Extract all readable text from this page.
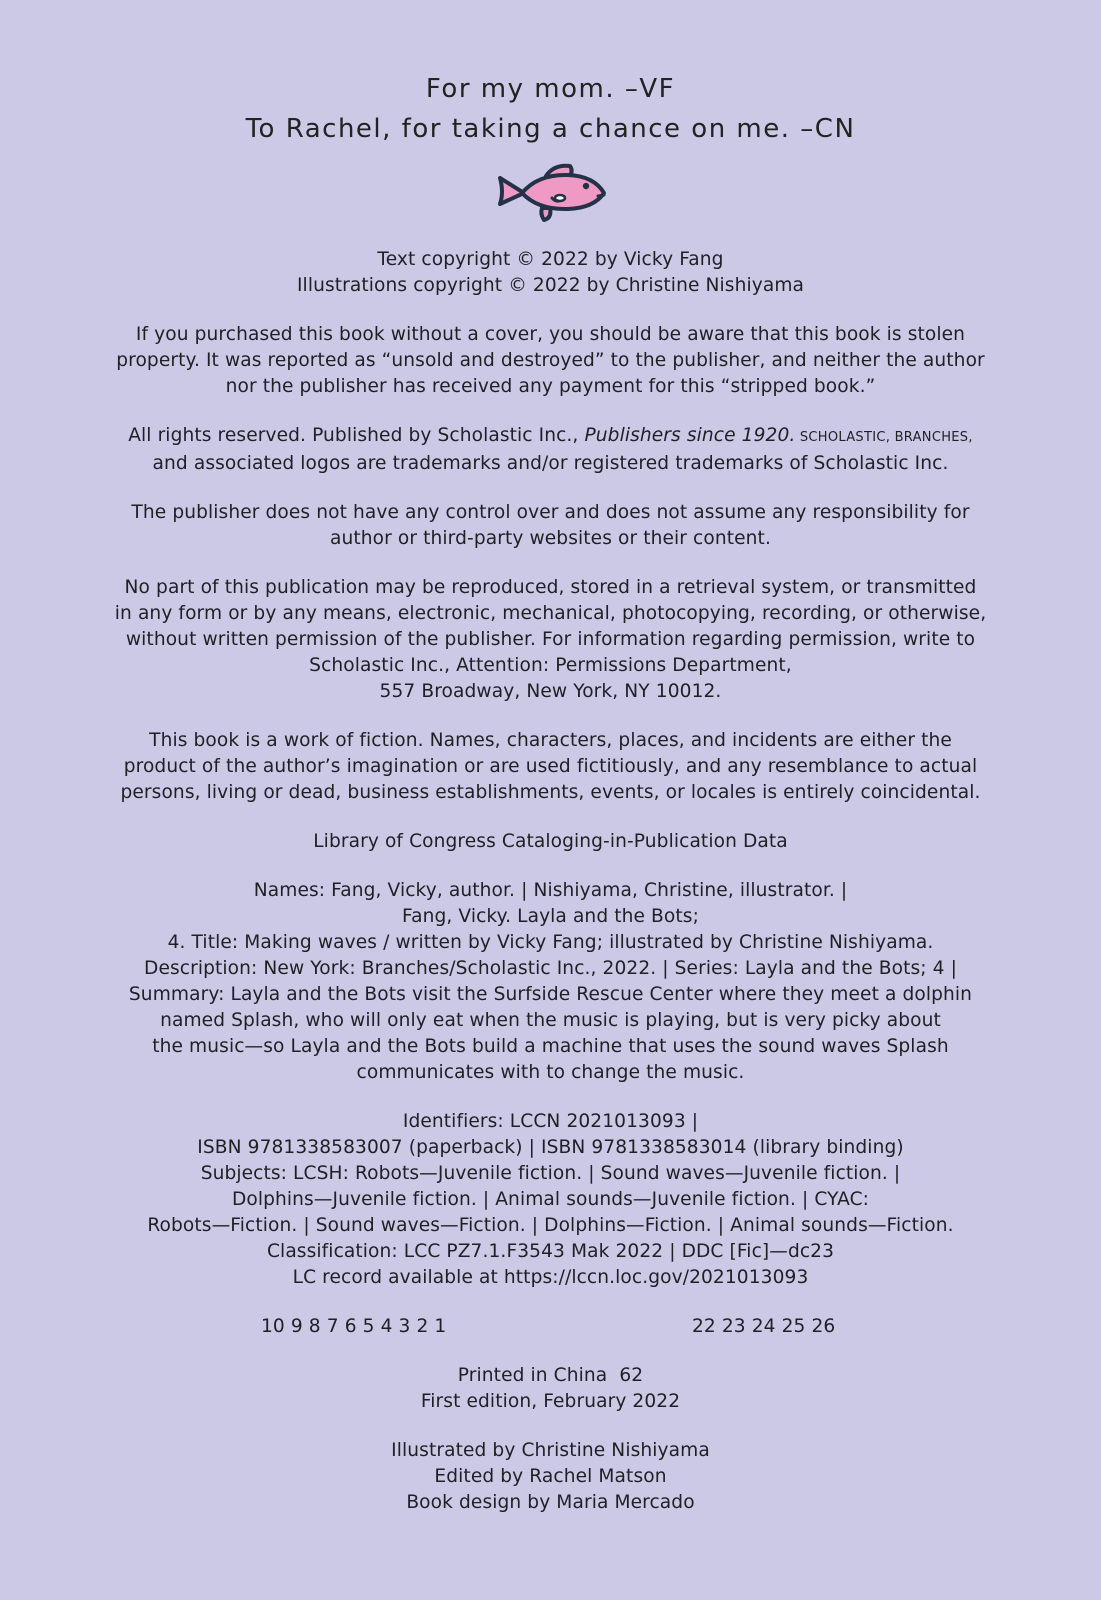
For my mom. –VF
To Rachel, for taking a chance on me. –CN
Text copyright © 2022 by Vicky Fang
Illustrations copyright © 2022 by Christine Nishiyama
If you purchased this book without a cover, you should be aware that this book is stolen
property. It was reported as “unsold and destroyed” to the publisher, and neither the author
nor the publisher has received any payment for this “stripped book.”
All rights reserved. Published by Scholastic Inc., Publishers since 1920. SCHOLASTIC, BRANCHES,
and associated logos are trademarks and/or registered trademarks of Scholastic Inc.
The publisher does not have any control over and does not assume any responsibility for
author or third-party websites or their content.
No part of this publication may be reproduced, stored in a retrieval system, or transmitted
in any form or by any means, electronic, mechanical, photocopying, recording, or otherwise,
without written permission of the publisher. For information regarding permission, write to
Scholastic Inc., Attention: Permissions Department,
557 Broadway, New York, NY 10012.
This book is a work of fiction. Names, characters, places, and incidents are either the
product of the author’s imagination or are used fictitiously, and any resemblance to actual
persons, living or dead, business establishments, events, or locales is entirely coincidental.
Library of Congress Cataloging-in-Publication Data
Names: Fang, Vicky, author. | Nishiyama, Christine, illustrator. |
Fang, Vicky. Layla and the Bots;
4. Title: Making waves / written by Vicky Fang; illustrated by Christine Nishiyama.
Description: New York: Branches/Scholastic Inc., 2022. | Series: Layla and the Bots; 4 |
Summary: Layla and the Bots visit the Surfside Rescue Center where they meet a dolphin
named Splash, who will only eat when the music is playing, but is very picky about
the music—so Layla and the Bots build a machine that uses the sound waves Splash
communicates with to change the music.
Identifiers: LCCN 2021013093 |
ISBN 9781338583007 (paperback) | ISBN 9781338583014 (library binding)
Subjects: LCSH: Robots—Juvenile fiction. | Sound waves—Juvenile fiction. |
Dolphins—Juvenile fiction. | Animal sounds—Juvenile fiction. | CYAC:
Robots—Fiction. | Sound waves—Fiction. | Dolphins—Fiction. | Animal sounds—Fiction.
Classification: LCC PZ7.1.F3543 Mak 2022 | DDC [Fic]—dc23
LC record available at https://lccn.loc.gov/2021013093
10 9 8 7 6 5 4 3 2 1	22 23 24 25 26
Printed in China  62
First edition, February 2022
Illustrated by Christine Nishiyama
Edited by Rachel Matson
Book design by Maria Mercado
